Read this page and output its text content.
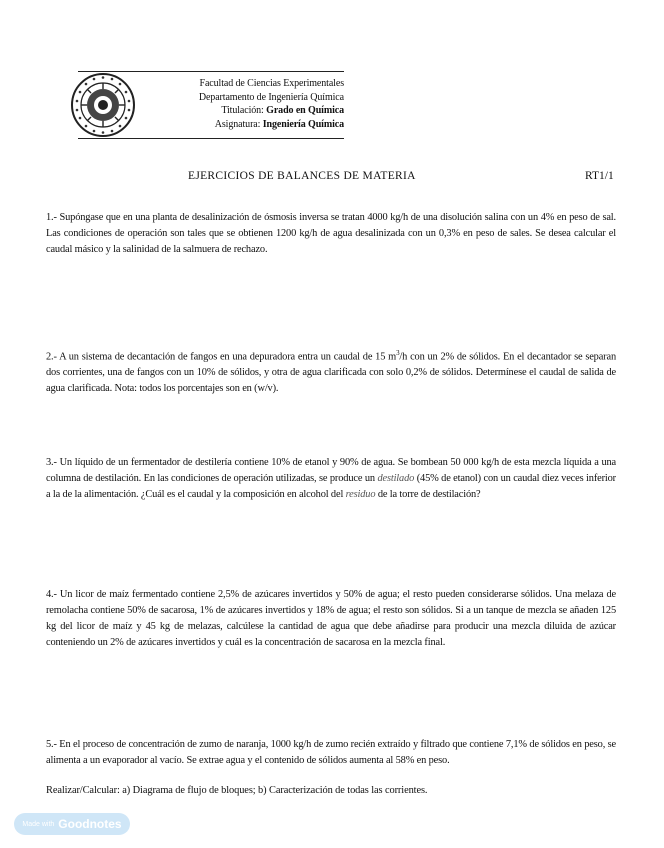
Facultad de Ciencias Experimentales
Departamento de Ingeniería Química
Titulación: Grado en Química
Asignatura: Ingeniería Química
EJERCICIOS DE BALANCES DE MATERIA	RT1/1
1.- Supóngase que en una planta de desalinización de ósmosis inversa se tratan 4000 kg/h de una disolución salina con un 4% en peso de sal. Las condiciones de operación son tales que se obtienen 1200 kg/h de agua desalinizada con un 0,3% en peso de sales. Se desea calcular el caudal másico y la salinidad de la salmuera de rechazo.
2.- A un sistema de decantación de fangos en una depuradora entra un caudal de 15 $m^3/h$ con un 2% de sólidos. En el decantador se separan dos corrientes, una de fangos con un 10% de sólidos, y otra de agua clarificada con solo 0,2% de sólidos. Determínese el caudal de salida de agua clarificada. Nota: todos los porcentajes son en (w/v).
3.- Un líquido de un fermentador de destilería contiene 10% de etanol y 90% de agua. Se bombean 50 000 kg/h de esta mezcla líquida a una columna de destilación. En las condiciones de operación utilizadas, se produce un destilado (45% de etanol) con un caudal diez veces inferior a la de la alimentación. ¿Cuál es el caudal y la composición en alcohol del residuo de la torre de destilación?
4.- Un licor de maíz fermentado contiene 2,5% de azúcares invertidos y 50% de agua; el resto pueden considerarse sólidos. Una melaza de remolacha contiene 50% de sacarosa, 1% de azúcares invertidos y 18% de agua; el resto son sólidos. Si a un tanque de mezcla se añaden 125 kg del licor de maíz y 45 kg de melazas, calcúlese la cantidad de agua que debe añadirse para producir una mezcla diluida de azúcar conteniendo un 2% de azúcares invertidos y cuál es la concentración de sacarosa en la mezcla final.
5.- En el proceso de concentración de zumo de naranja, 1000 kg/h de zumo recién extraído y filtrado que contiene 7,1% de sólidos en peso, se alimenta a un evaporador al vacío. Se extrae agua y el contenido de sólidos aumenta al 58% en peso.
Realizar/Calcular: a) Diagrama de flujo de bloques; b) Caracterización de todas las corrientes.
Made with Goodnotes
